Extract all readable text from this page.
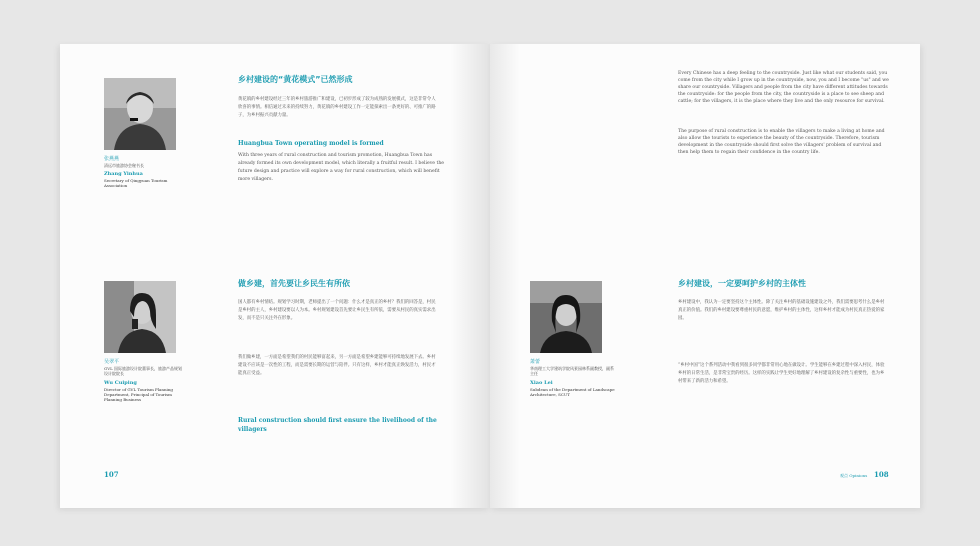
张燕燕
清远市旅游协会秘书长
Zhang Yinhua
Secretary of Qingyuan Tourism Association
乡村建设的“黄花模式”已然形成

黄花镇的乡村建设经过三年的乡村旅游推广和建设，已初步形成了较为成熟的发展模式，这是非常令人欣喜的事情。相信通过未来的持续努力，黄花镇的乡村建设工作一定能探索出一条更好的、可推广的路子，为乡村振兴贡献力量。

Huangbua Town operating model is formed

With three years of rural construction and tourism promotion, Huangbua Town has already formed its own development model, which literally a fruitful result. I believe the future design and practice will explore a way for rural construction, which will benefit more villagers.

吴翠平
GVL 国际旅游设计院董事长，旅游产品规划设计院院长
Wu Cuiping
Director of GVL Tourism Planning Department, Principal of Tourism Planning Business
做乡建，首先要让乡民生有所依

国人都有乡村情结。规划学习时期，老师提出了一个问题：什么才是真正的乡村？我们的回答是，村民是乡村的主人，乡村建设要以人为本。乡村规划建设首先要让乡民生有所依，需要从村民的真实需求出发，而不是只关注外在形象。

我们做乡建，一方面是希望我们的村民能够富起来，另一方面是希望乡建能够可持续地发展下去。乡村建设不应该是一次性的工程，而是需要长期的运营与陪伴。只有这样，乡村才能真正焕发活力，村民才能真正受益。

Rural construction should first ensure the livelihood of the villagers

107

Every Chinese has a deep feeling to the countryside. Just like what our students said, you come from the city while I grow up in the countryside, now, you and I become "us" and we share our countryside. Villagers and people from the city have different attitudes towards the countryside: for the people from the city, the countryside is a place to see sheep and cattle; for the villagers, it is the place where they live and the only resource for survival.

The purpose of rural construction is to enable the villagers to make a living at home and also allow the tourists to experience the beauty of the countryside. Therefore, tourism development in the countryside should first solve the villagers' problem of survival and then help them to regain their confidence in the country life.

萧蕾
华南理工大学建筑学院风景园林系副教授，副系主任
Xiao Lei
Subdean of the Department of Landscape Architecture, SCUT
乡村建设，一定要呵护乡村的主体性

乡村建设中，我认为一定要坚持这个主体性。除了关注乡村的基础设施建设之外，我们需要思考什么是乡村真正的价值。我们的乡村建设要尊重村民的意愿，维护乡村的主体性，这样乡村才能成为村民真正热爱的家园。

“乡村中国”这个系列活动中我看到很多同学都非常用心地在做设计。学生能够在乡建过程中深入村民，体验乡村的日常生活，是非常宝贵的经历。这样的实践让学生更好地理解了乡村建设的复杂性与重要性，也为乡村带来了新的活力和希望。

观点 Opinions 108
